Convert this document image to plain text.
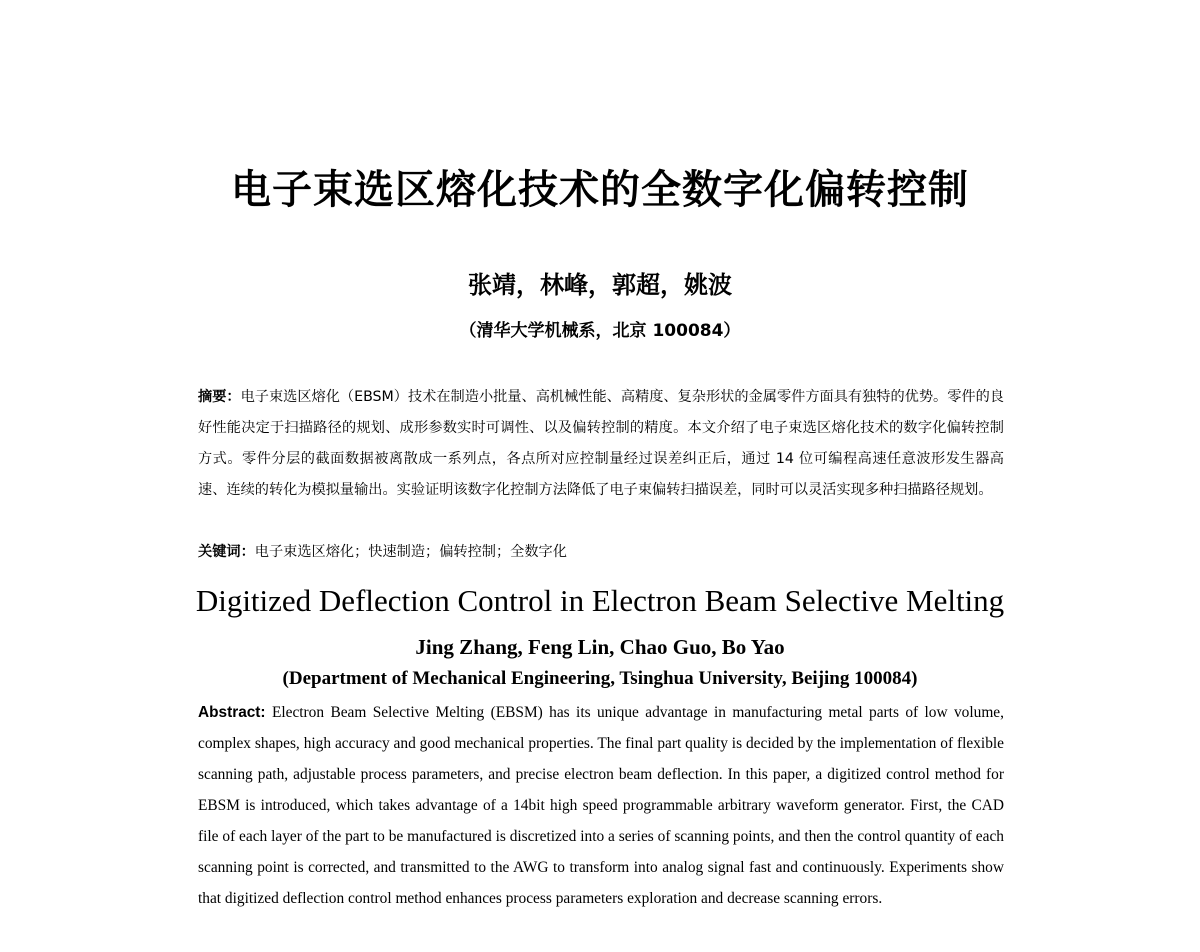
电子束选区熔化技术的全数字化偏转控制
张靖，林峰，郭超，姚波
（清华大学机械系，北京 100084）
摘要：电子束选区熔化（EBSM）技术在制造小批量、高机械性能、高精度、复杂形状的金属零件方面具有独特的优势。零件的良好性能决定于扫描路径的规划、成形参数实时可调性、以及偏转控制的精度。本文介绍了电子束选区熔化技术的数字化偏转控制方式。零件分层的截面数据被离散成一系列点，各点所对应控制量经过误差纠正后，通过 14 位可编程高速任意波形发生器高速、连续的转化为模拟量输出。实验证明该数字化控制方法降低了电子束偏转扫描误差，同时可以灵活实现多种扫描路径规划。
关键词：电子束选区熔化；快速制造；偏转控制；全数字化
Digitized Deflection Control in Electron Beam Selective Melting
Jing Zhang, Feng Lin, Chao Guo, Bo Yao
(Department of Mechanical Engineering, Tsinghua University, Beijing 100084)
Abstract: Electron Beam Selective Melting (EBSM) has its unique advantage in manufacturing metal parts of low volume, complex shapes, high accuracy and good mechanical properties. The final part quality is decided by the implementation of flexible scanning path, adjustable process parameters, and precise electron beam deflection. In this paper, a digitized control method for EBSM is introduced, which takes advantage of a 14bit high speed programmable arbitrary waveform generator. First, the CAD file of each layer of the part to be manufactured is discretized into a series of scanning points, and then the control quantity of each scanning point is corrected, and transmitted to the AWG to transform into analog signal fast and continuously. Experiments show that digitized deflection control method enhances process parameters exploration and decrease scanning errors.
